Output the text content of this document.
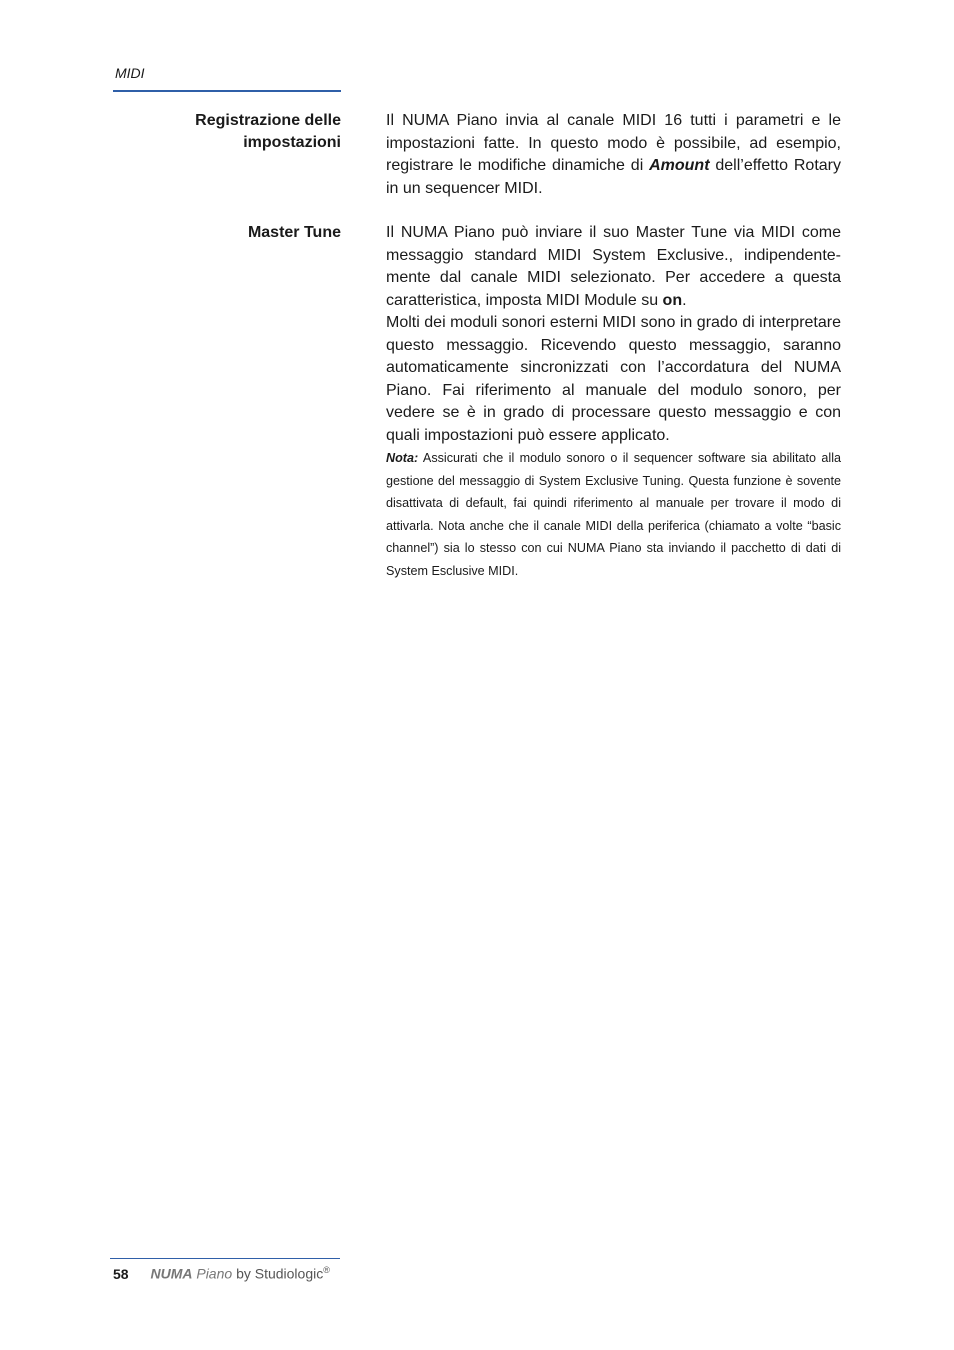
MIDI
Registrazione delle
impostazioni

Il NUMA Piano invia al canale MIDI 16 tutti i parametri e le impostazioni fatte. In questo modo è possibile, ad esempio, registrare le modifiche dinamiche di Amount dell’effetto Rotary in un sequencer MIDI.

Master Tune	Il NUMA Piano può inviare il suo Master Tune via MIDI come messaggio standard MIDI System Exclusive., indipendentemente dal canale MIDI selezionato. Per accedere a questa caratteristica, imposta MIDI Module su on.

Molti dei moduli sonori esterni MIDI sono in grado di interpretare questo messaggio. Ricevendo questo messaggio, saranno automaticamente sincronizzati con l’accordatura del NUMA Piano. Fai riferimento al manuale del modulo sonoro, per vedere se è in grado di processare questo messaggio e con quali impostazioni può essere applicato.

Nota: Assicurati che il modulo sonoro o il sequencer software sia abilitato alla gestione del messaggio di System Exclusive Tuning. Questa funzione è sovente disattivata di default, fai quindi riferimento al manuale per trovare il modo di attivarla. Nota anche che il canale MIDI della periferica (chiamato a volte “basic channel”) sia lo stesso con cui NUMA Piano sta inviando il pacchetto di dati di System Esclusive MIDI.

58 NUMA Piano by Studiologic®
